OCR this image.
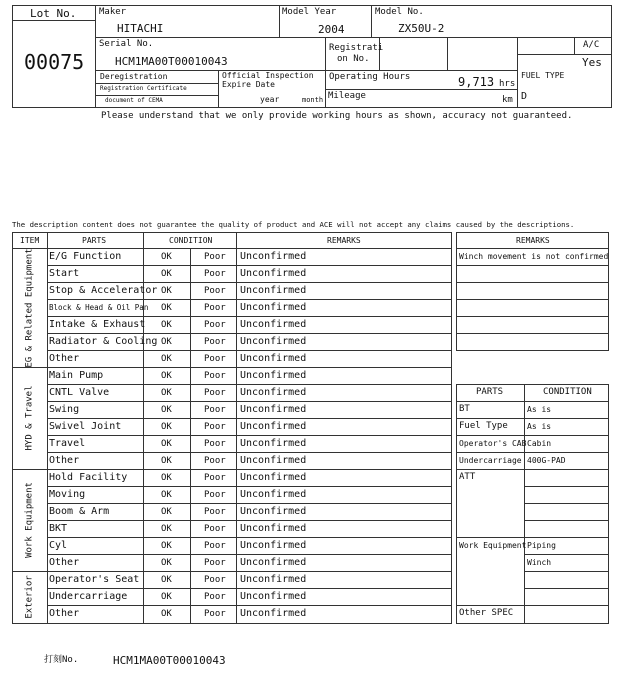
Lot No.
00075
Maker
HITACHI
Model Year
2004
Model No.
ZX50U-2
Serial No.
HCM1MA00T00010043
Registrati
on No.
A/C
Yes
Deregistration
Registration Certificate
document of CEMA
Official Inspection
Expire Date
year	month
Operating Hours	9,713 hrs
Mileage	km
FUEL TYPE
D
Please understand that we only provide working hours as shown, accuracy not guaranteed.
The description content does not guarantee the quality of product and ACE will not accept any claims caused by the descriptions.
ITEM	PARTS	CONDITION	REMARKS
E/G Function	OK	Poor Unconfirmed
Start	OK	Poor Unconfirmed
Stop & Accelerator OK	Poor Unconfirmed
Block & Head & Oil Pan OK	Poor Unconfirmed
Intake & Exhaust OK	Poor Unconfirmed
Radiator & Cooling OK	Poor Unconfirmed
Other	OK	Poor Unconfirmed
EG & Related Equipment
Main Pump	OK	Poor Unconfirmed
CNTL Valve	OK	Poor Unconfirmed
Swing	OK	Poor Unconfirmed
Swivel Joint	OK	Poor Unconfirmed
Travel	OK	Poor Unconfirmed
Other	OK	Poor Unconfirmed
HYD & Travel
Hold Facility	OK	Poor Unconfirmed
Moving	OK	Poor Unconfirmed
Boom & Arm	OK	Poor Unconfirmed
BKT	OK	Poor Unconfirmed
Cyl	OK	Poor Unconfirmed
Other	OK	Poor Unconfirmed
Work Equipment
Operator's Seat OK	Poor Unconfirmed
Undercarriage	OK	Poor Unconfirmed
Other	OK	Poor Unconfirmed
Exterior
REMARKS
Winch movement is not confirmed
PARTS	CONDITION
BT	As is
Fuel Type As is
Operator's CAB Cabin
Undercarriage 400G-PAD
ATT
Work Equipment Piping
Winch
Other SPEC
打刻No.	HCM1MA00T00010043
